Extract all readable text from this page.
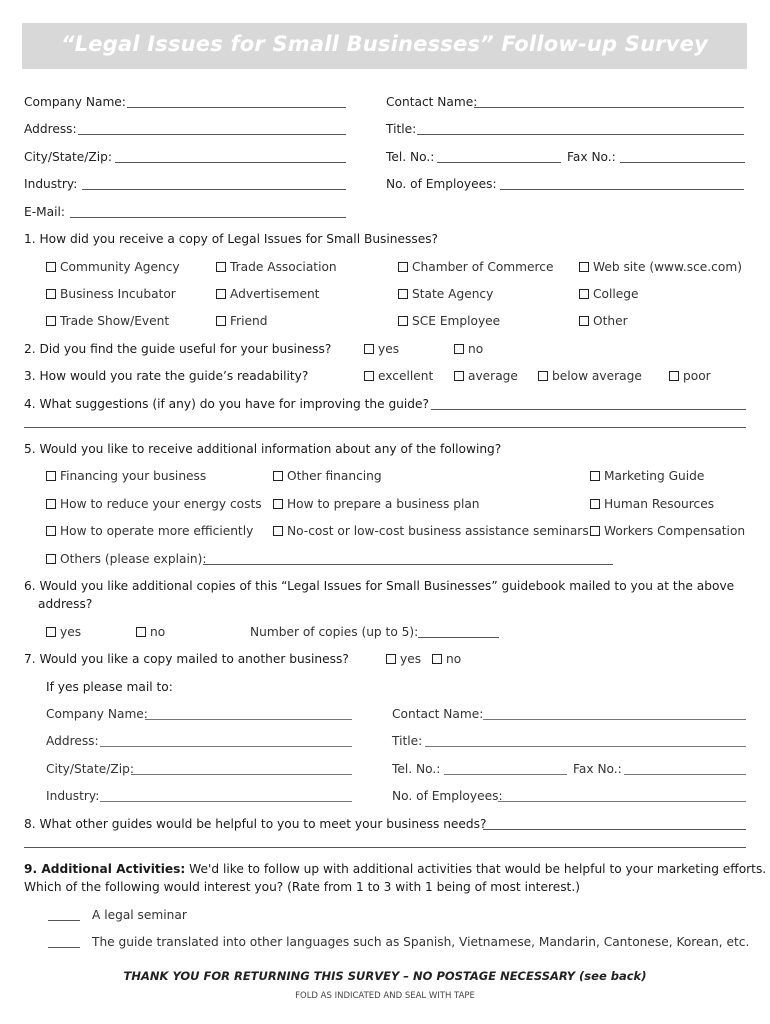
“Legal Issues for Small Businesses” Follow-up Survey
Company Name:	Contact Name:
Address:	Title:
City/State/Zip:	Tel. No.:	Fax No.:
Industry:	No. of Employees:
E-Mail:
1. How did you receive a copy of Legal Issues for Small Businesses?
Community Agency	Trade Association	Chamber of Commerce	Web site (www.sce.com)
Business Incubator	Advertisement	State Agency	College
Trade Show/Event	Friend	SCE Employee	Other
2. Did you find the guide useful for your business?	yes	no
3. How would you rate the guide’s readability?	excellent	average	below average	poor
4. What suggestions (if any) do you have for improving the guide?
5. Would you like to receive additional information about any of the following?
Financing your business	Other financing	Marketing Guide
How to reduce your energy costs	How to prepare a business plan	Human Resources
How to operate more efficiently	No-cost or low-cost business assistance seminars	Workers Compensation
Others (please explain):
6. Would you like additional copies of this “Legal Issues for Small Businesses” guidebook mailed to you at the above
address?
yes	no	Number of copies (up to 5):
7. Would you like a copy mailed to another business?	yes	no
If yes please mail to:
Company Name:	Contact Name:
Address:	Title:
City/State/Zip:	Tel. No.:	Fax No.:
Industry:	No. of Employees:
8. What other guides would be helpful to you to meet your business needs?
9. Additional Activities: We'd like to follow up with additional activities that would be helpful to your marketing efforts.
Which of the following would interest you? (Rate from 1 to 3 with 1 being of most interest.)
A legal seminar
The guide translated into other languages such as Spanish, Vietnamese, Mandarin, Cantonese, Korean, etc.
THANK YOU FOR RETURNING THIS SURVEY – NO POSTAGE NECESSARY (see back)
FOLD AS INDICATED AND SEAL WITH TAPE
